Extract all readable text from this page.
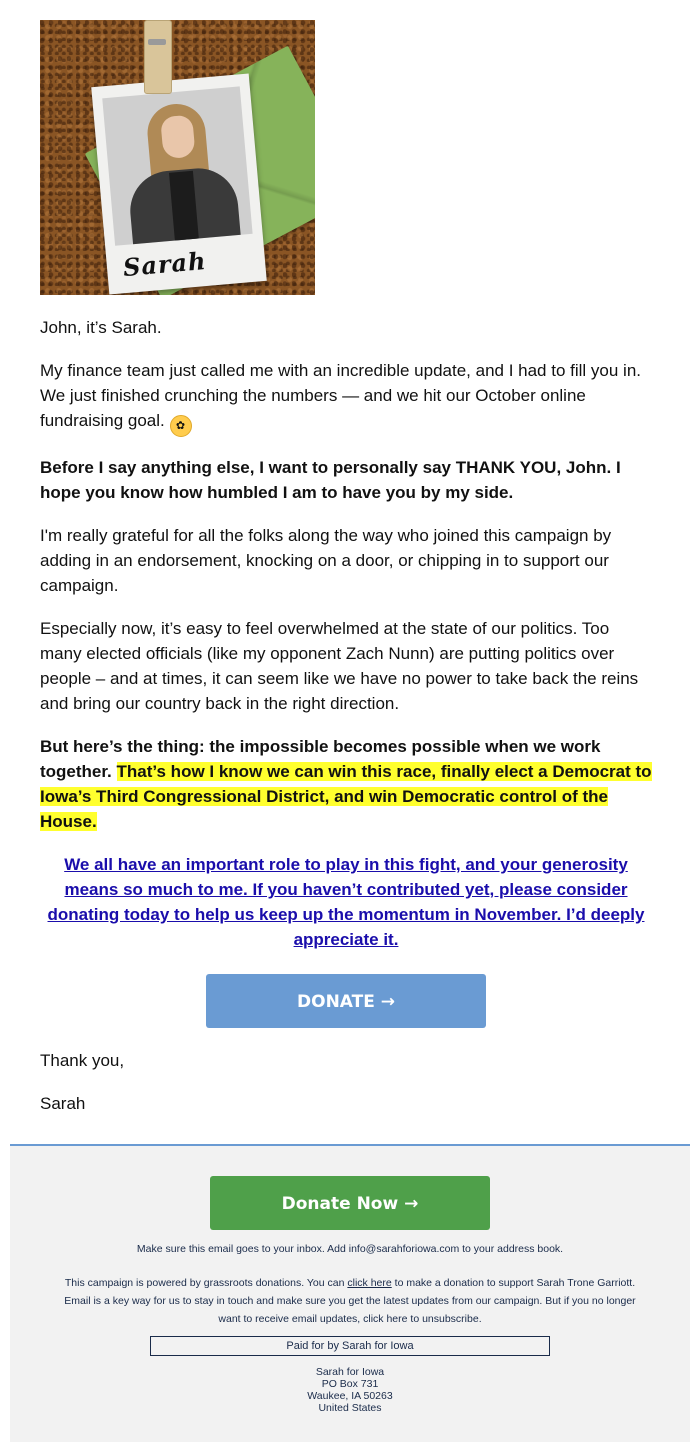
Sarah

John, it’s Sarah.

My finance team just called me with an incredible update, and I had to fill you in. We just finished crunching the numbers — and we hit our October online fundraising goal. ✿

Before I say anything else, I want to personally say THANK YOU, John. I hope you know how humbled I am to have you by my side.

I'm really grateful for all the folks along the way who joined this campaign by adding in an endorsement, knocking on a door, or chipping in to support our campaign.

Especially now, it’s easy to feel overwhelmed at the state of our politics. Too many elected officials (like my opponent Zach Nunn) are putting politics over people – and at times, it can seem like we have no power to take back the reins and bring our country back in the right direction.

But here’s the thing: the impossible becomes possible when we work together. That’s how I know we can win this race, finally elect a Democrat to Iowa’s Third Congressional District, and win Democratic control of the House.

We all have an important role to play in this fight, and your generosity means so much to me. If you haven’t contributed yet, please consider donating today to help us keep up the momentum in November. I’d deeply appreciate it.
DONATE →

Thank you,

Sarah

Donate Now →
Make sure this email goes to your inbox. Add info@sarahforiowa.com to your address book.
This campaign is powered by grassroots donations. You can click here to make a donation to support Sarah Trone Garriott.
Email is a key way for us to stay in touch and make sure you get the latest updates from our campaign. But if you no longer
want to receive email updates, click here to unsubscribe.
Paid for by Sarah for Iowa
Sarah for Iowa
PO Box 731
Waukee, IA 50263
United States
